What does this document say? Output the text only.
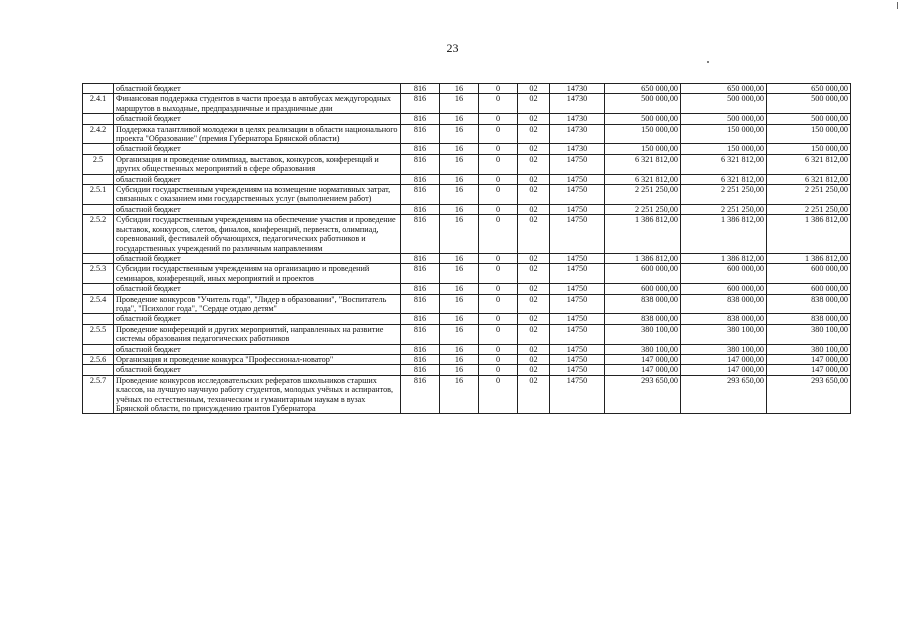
23
	областной бюджет	816	16	0	02	14730	650 000,00	650 000,00	650 000,00
2.4.1	Финансовая поддержка студентов в части проезда в автобусах междугородных маршрутов в выходные, предпраздничные и праздничные дни	816	16	0	02	14730	500 000,00	500 000,00	500 000,00
	областной бюджет	816	16	0	02	14730	500 000,00	500 000,00	500 000,00
2.4.2	Поддержка талантливой молодежи в целях реализации в области национального проекта "Образование" (премия Губернатора Брянской области)	816	16	0	02	14730	150 000,00	150 000,00	150 000,00
	областной бюджет	816	16	0	02	14730	150 000,00	150 000,00	150 000,00
2.5	Организация и проведение олимпиад, выставок, конкурсов, конференций и других общественных мероприятий в сфере образования	816	16	0	02	14750	6 321 812,00	6 321 812,00	6 321 812,00
	областной бюджет	816	16	0	02	14750	6 321 812,00	6 321 812,00	6 321 812,00
2.5.1	Субсидии государственным учреждениям на возмещение нормативных затрат, связанных с оказанием ими государственных услуг (выполнением работ)	816	16	0	02	14750	2 251 250,00	2 251 250,00	2 251 250,00
	областной бюджет	816	16	0	02	14750	2 251 250,00	2 251 250,00	2 251 250,00
2.5.2	Субсидии государственным учреждениям на обеспечение участия и проведение выставок, конкурсов, слетов, финалов, конференций, первенств, олимпиад, соревнований, фестивалей обучающихся, педагогических работников и государственных учреждений по различным направлениям	816	16	0	02	14750	1 386 812,00	1 386 812,00	1 386 812,00
	областной бюджет	816	16	0	02	14750	1 386 812,00	1 386 812,00	1 386 812,00
2.5.3	Субсидии государственным учреждениям на организацию и проведений семинаров, конференций, иных мероприятий и проектов	816	16	0	02	14750	600 000,00	600 000,00	600 000,00
	областной бюджет	816	16	0	02	14750	600 000,00	600 000,00	600 000,00
2.5.4	Проведение конкурсов "Учитель года", "Лидер в образовании", "Воспитатель года", "Психолог года", "Сердце отдаю детям"	816	16	0	02	14750	838 000,00	838 000,00	838 000,00
	областной бюджет	816	16	0	02	14750	838 000,00	838 000,00	838 000,00
2.5.5	Проведение конференций и других мероприятий, направленных на развитие системы образования педагогических работников	816	16	0	02	14750	380 100,00	380 100,00	380 100,00
	областной бюджет	816	16	0	02	14750	380 100,00	380 100,00	380 100,00
2.5.6	Организация и проведение конкурса "Профессионал-новатор"	816	16	0	02	14750	147 000,00	147 000,00	147 000,00
	областной бюджет	816	16	0	02	14750	147 000,00	147 000,00	147 000,00
2.5.7	Проведение конкурсов исследовательских рефератов школьников старших классов, на лучшую научную работу студентов, молодых учёных и аспирантов, учёных по естественным, техническим и гуманитарным наукам в вузах Брянской области, по присуждению грантов Губернатора	816	16	0	02	14750	293 650,00	293 650,00	293 650,00
